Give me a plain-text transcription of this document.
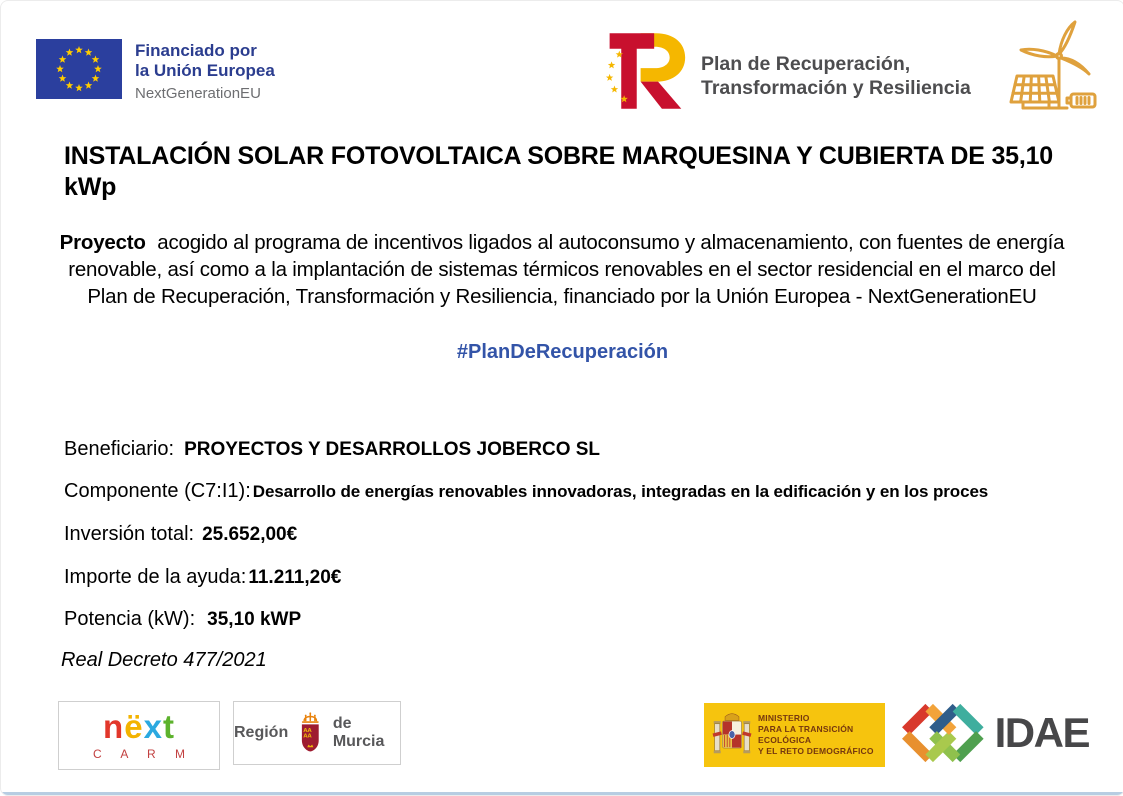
Financiado por
la Unión Europea
NextGenerationEU
Plan de Recuperación,
Transformación y Resiliencia
INSTALACIÓN SOLAR FOTOVOLTAICA SOBRE MARQUESINA Y CUBIERTA DE 35,10 kWp
Proyecto acogido al programa de incentivos ligados al autoconsumo y almacenamiento, con fuentes de energía renovable, así como a la implantación de sistemas térmicos renovables en el sector residencial en el marco del Plan de Recuperación, Transformación y Resiliencia, financiado por la Unión Europea - NextGenerationEU
#PlanDeRecuperación
Beneficiario: PROYECTOS Y DESARROLLOS JOBERCO SL
Componente (C7:I1): Desarrollo de energías renovables innovadoras, integradas en la edificación y en los proces
Inversión total: 25.652,00€
Importe de la ayuda: 11.211,20€
Potencia (kW): 35,10 kWP
Real Decreto 477/2021
nëxt
C A R M
Región AA
AA
de Murcia
MINISTERIO
PARA LA TRANSICIÓN ECOLÓGICA
Y EL RETO DEMOGRÁFICO	IDAE
